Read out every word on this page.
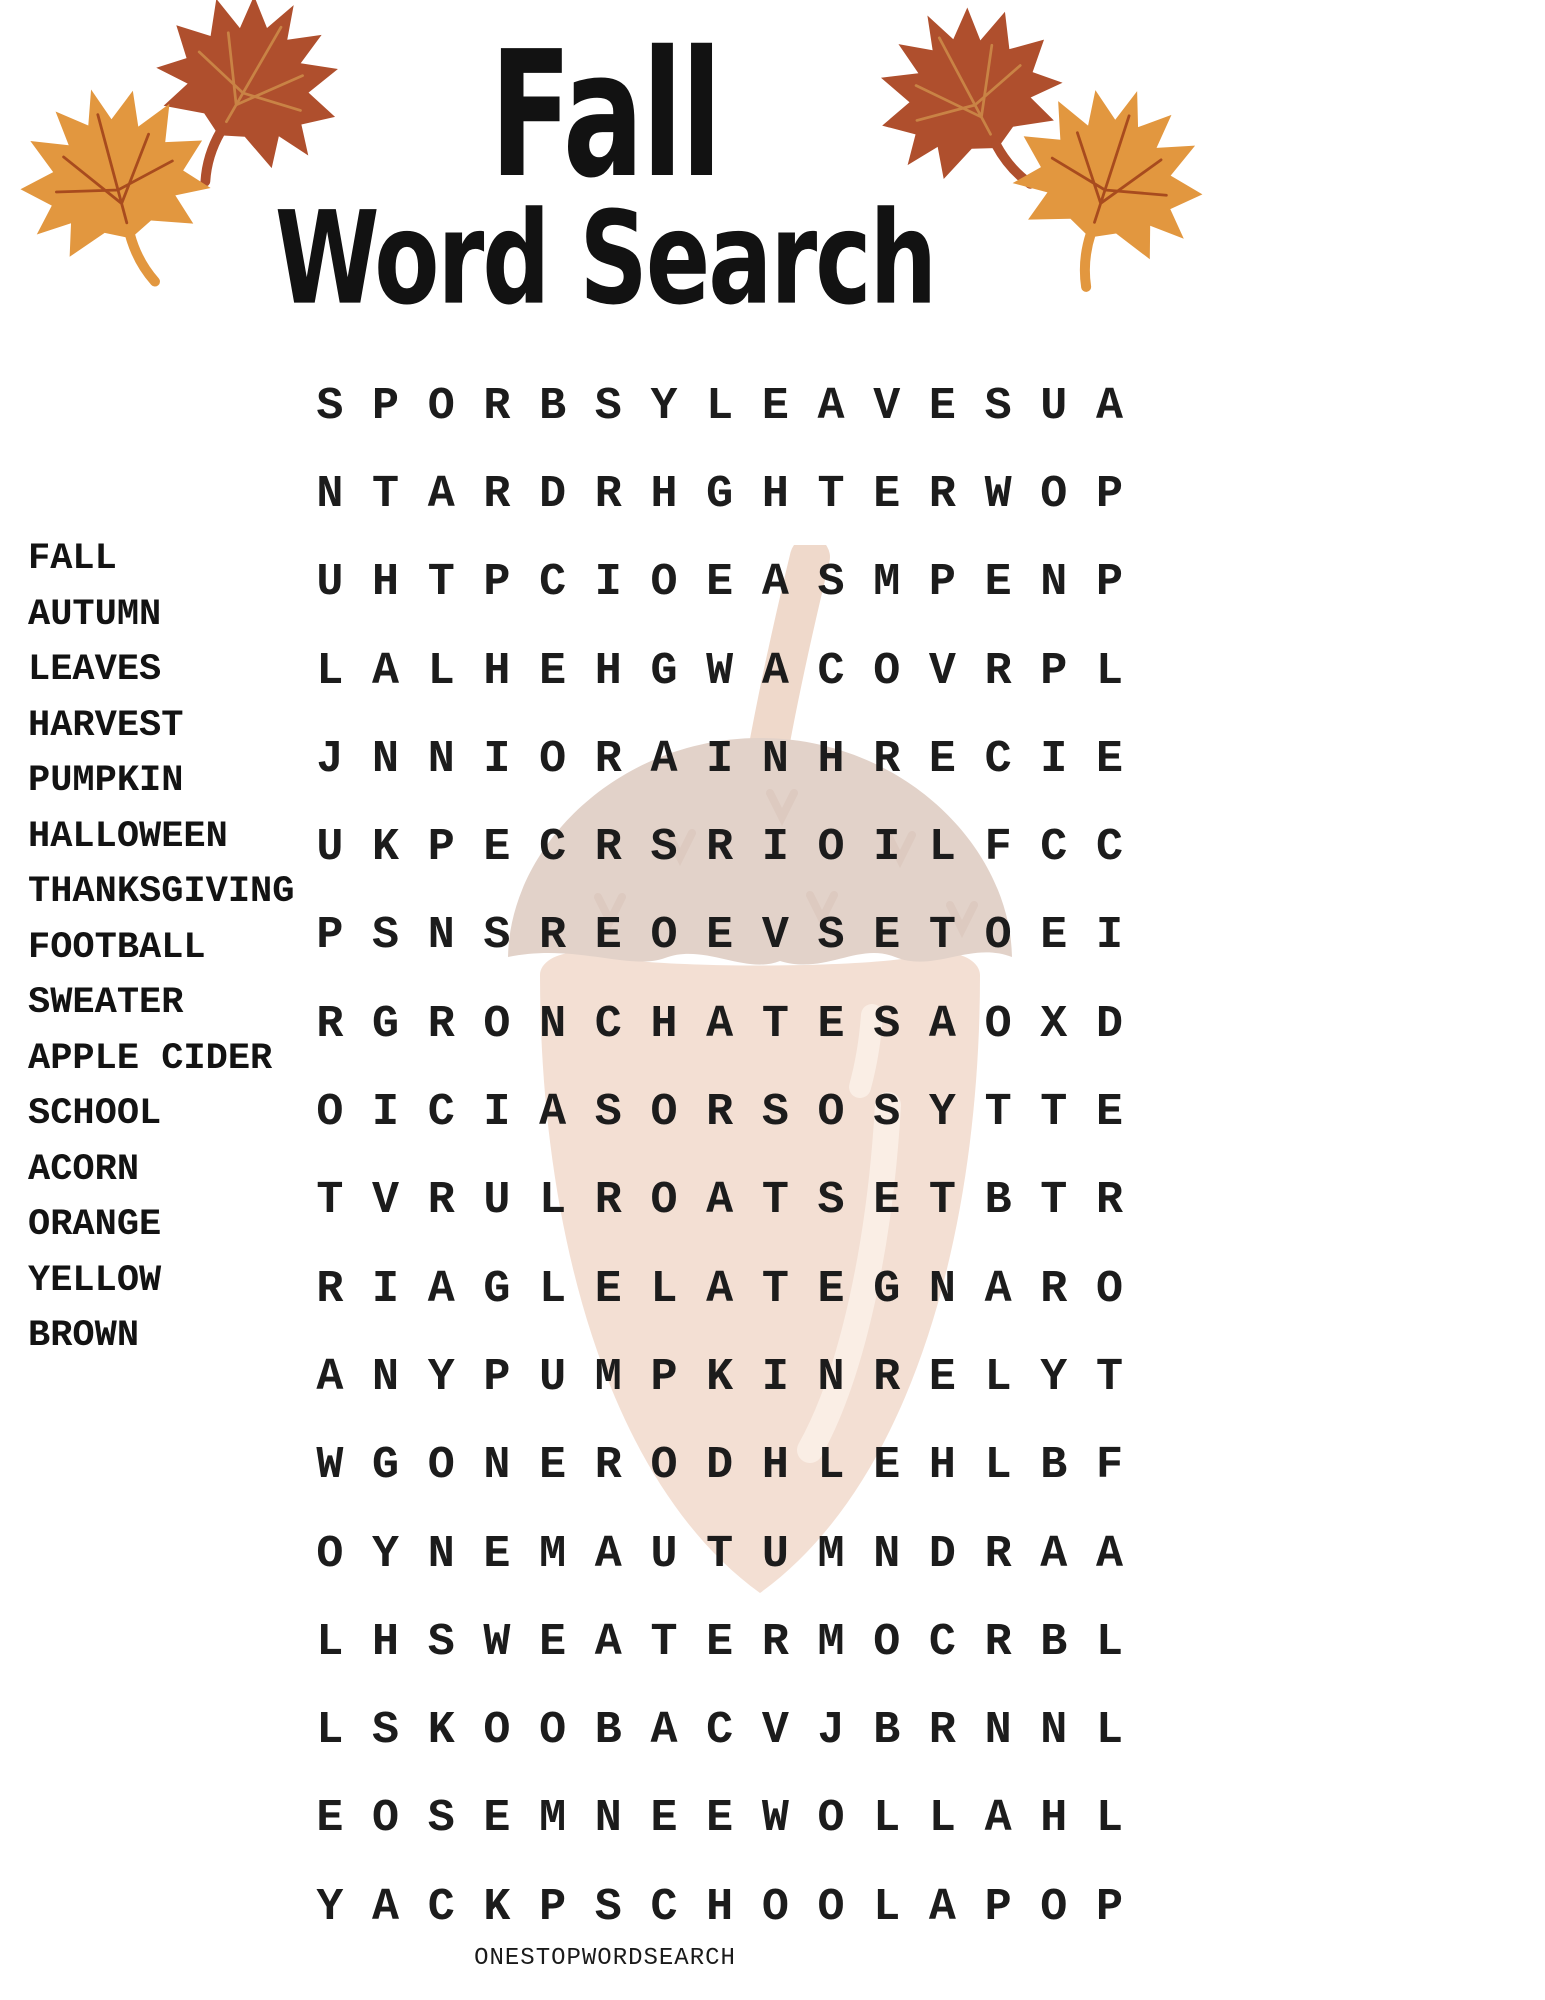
Fall
Word Search
FALL
AUTUMN
LEAVES
HARVEST
PUMPKIN
HALLOWEEN
THANKSGIVING
FOOTBALL
SWEATER
APPLE CIDER
SCHOOL
ACORN
ORANGE
YELLOW
BROWN
S P O R B S Y L E A V E S U A
N T A R D R H G H T E R W O P
U H T P C I O E A S M P E N P
L A L H E H G W A C O V R P L
J N N I O R A I N H R E C I E
U K P E C R S R I O I L F C C
P S N S R E O E V S E T O E I
R G R O N C H A T E S A O X D
O I C I A S O R S O S Y T T E
T V R U L R O A T S E T B T R
R I A G L E L A T E G N A R O
A N Y P U M P K I N R E L Y T
W G O N E R O D H L E H L B F
O Y N E M A U T U M N D R A A
L H S W E A T E R M O C R B L
L S K O O B A C V J B R N N L
E O S E M N E E W O L L A H L
Y A C K P S C H O O L A P O P
ONESTOPWORDSEARCH
